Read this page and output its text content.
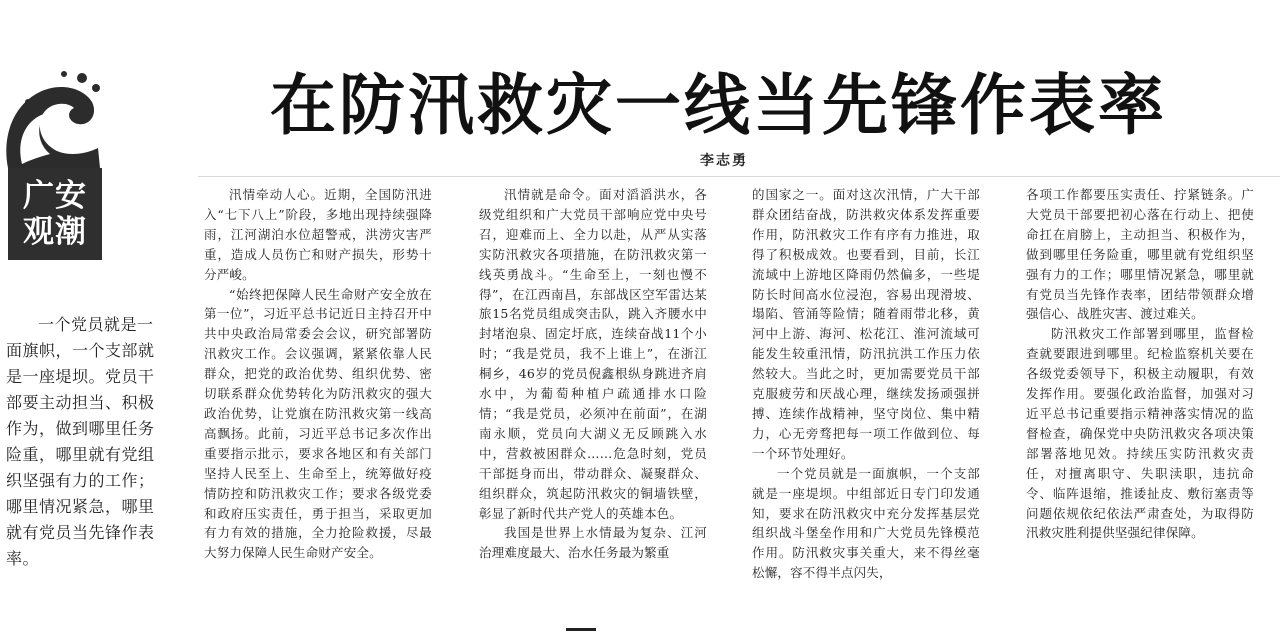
广安
观潮
在防汛救灾一线当先锋作表率
李志勇

一个党员就是一面旗帜，一个支部就是一座堤坝。党员干部要主动担当、积极作为，做到哪里任务险重，哪里就有党组织坚强有力的工作；哪里情况紧急，哪里就有党员当先锋作表率。

汛情牵动人心。近期，全国防汛进入“七下八上”阶段，多地出现持续强降雨，江河湖泊水位超警戒，洪涝灾害严重，造成人员伤亡和财产损失，形势十分严峻。

“始终把保障人民生命财产安全放在第一位”，习近平总书记近日主持召开中共中央政治局常委会会议，研究部署防汛救灾工作。会议强调，紧紧依靠人民群众，把党的政治优势、组织优势、密切联系群众优势转化为防汛救灾的强大政治优势，让党旗在防汛救灾第一线高高飘扬。此前，习近平总书记多次作出重要指示批示，要求各地区和有关部门坚持人民至上、生命至上，统筹做好疫情防控和防汛救灾工作；要求各级党委和政府压实责任，勇于担当，采取更加有力有效的措施，全力抢险救援，尽最大努力保障人民生命财产安全。

汛情就是命令。面对滔滔洪水，各级党组织和广大党员干部响应党中央号召，迎难而上、全力以赴，从严从实落实防汛救灾各项措施，在防汛救灾第一线英勇战斗。“生命至上，一刻也慢不得”，在江西南昌，东部战区空军雷达某旅15名党员组成突击队，跳入齐腰水中封堵泡泉、固定圩底，连续奋战11个小时；“我是党员，我不上谁上”，在浙江桐乡，46岁的党员倪鑫根纵身跳进齐肩水中，为葡萄种植户疏通排水口险情；“我是党员，必须冲在前面”，在湖南永顺，党员向大湖义无反顾跳入水中，营救被困群众……危急时刻，党员干部挺身而出，带动群众、凝聚群众、组织群众，筑起防汛救灾的铜墙铁壁，彰显了新时代共产党人的英雄本色。

我国是世界上水情最为复杂、江河治理难度最大、治水任务最为繁重

的国家之一。面对这次汛情，广大干部群众团结奋战，防洪救灾体系发挥重要作用，防汛救灾工作有序有力推进，取得了积极成效。也要看到，目前，长江流域中上游地区降雨仍然偏多，一些堤防长时间高水位浸泡，容易出现滑坡、塌陷、管涌等险情；随着雨带北移，黄河中上游、海河、松花江、淮河流域可能发生较重汛情，防汛抗洪工作压力依然较大。当此之时，更加需要党员干部克服疲劳和厌战心理，继续发扬顽强拼搏、连续作战精神，坚守岗位、集中精力，心无旁骛把每一项工作做到位、每一个环节处理好。

一个党员就是一面旗帜，一个支部就是一座堤坝。中组部近日专门印发通知，要求在防汛救灾中充分发挥基层党组织战斗堡垒作用和广大党员先锋模范作用。防汛救灾事关重大，来不得丝毫松懈，容不得半点闪失，

各项工作都要压实责任、拧紧链条。广大党员干部要把初心落在行动上、把使命扛在肩膀上，主动担当、积极作为，做到哪里任务险重，哪里就有党组织坚强有力的工作；哪里情况紧急，哪里就有党员当先锋作表率，团结带领群众增强信心、战胜灾害、渡过难关。

防汛救灾工作部署到哪里，监督检查就要跟进到哪里。纪检监察机关要在各级党委领导下，积极主动履职，有效发挥作用。要强化政治监督，加强对习近平总书记重要指示精神落实情况的监督检查，确保党中央防汛救灾各项决策部署落地见效。持续压实防汛救灾责任，对擅离职守、失职渎职，违抗命令、临阵退缩，推诿扯皮、敷衍塞责等问题依规依纪依法严肃查处，为取得防汛救灾胜利提供坚强纪律保障。
